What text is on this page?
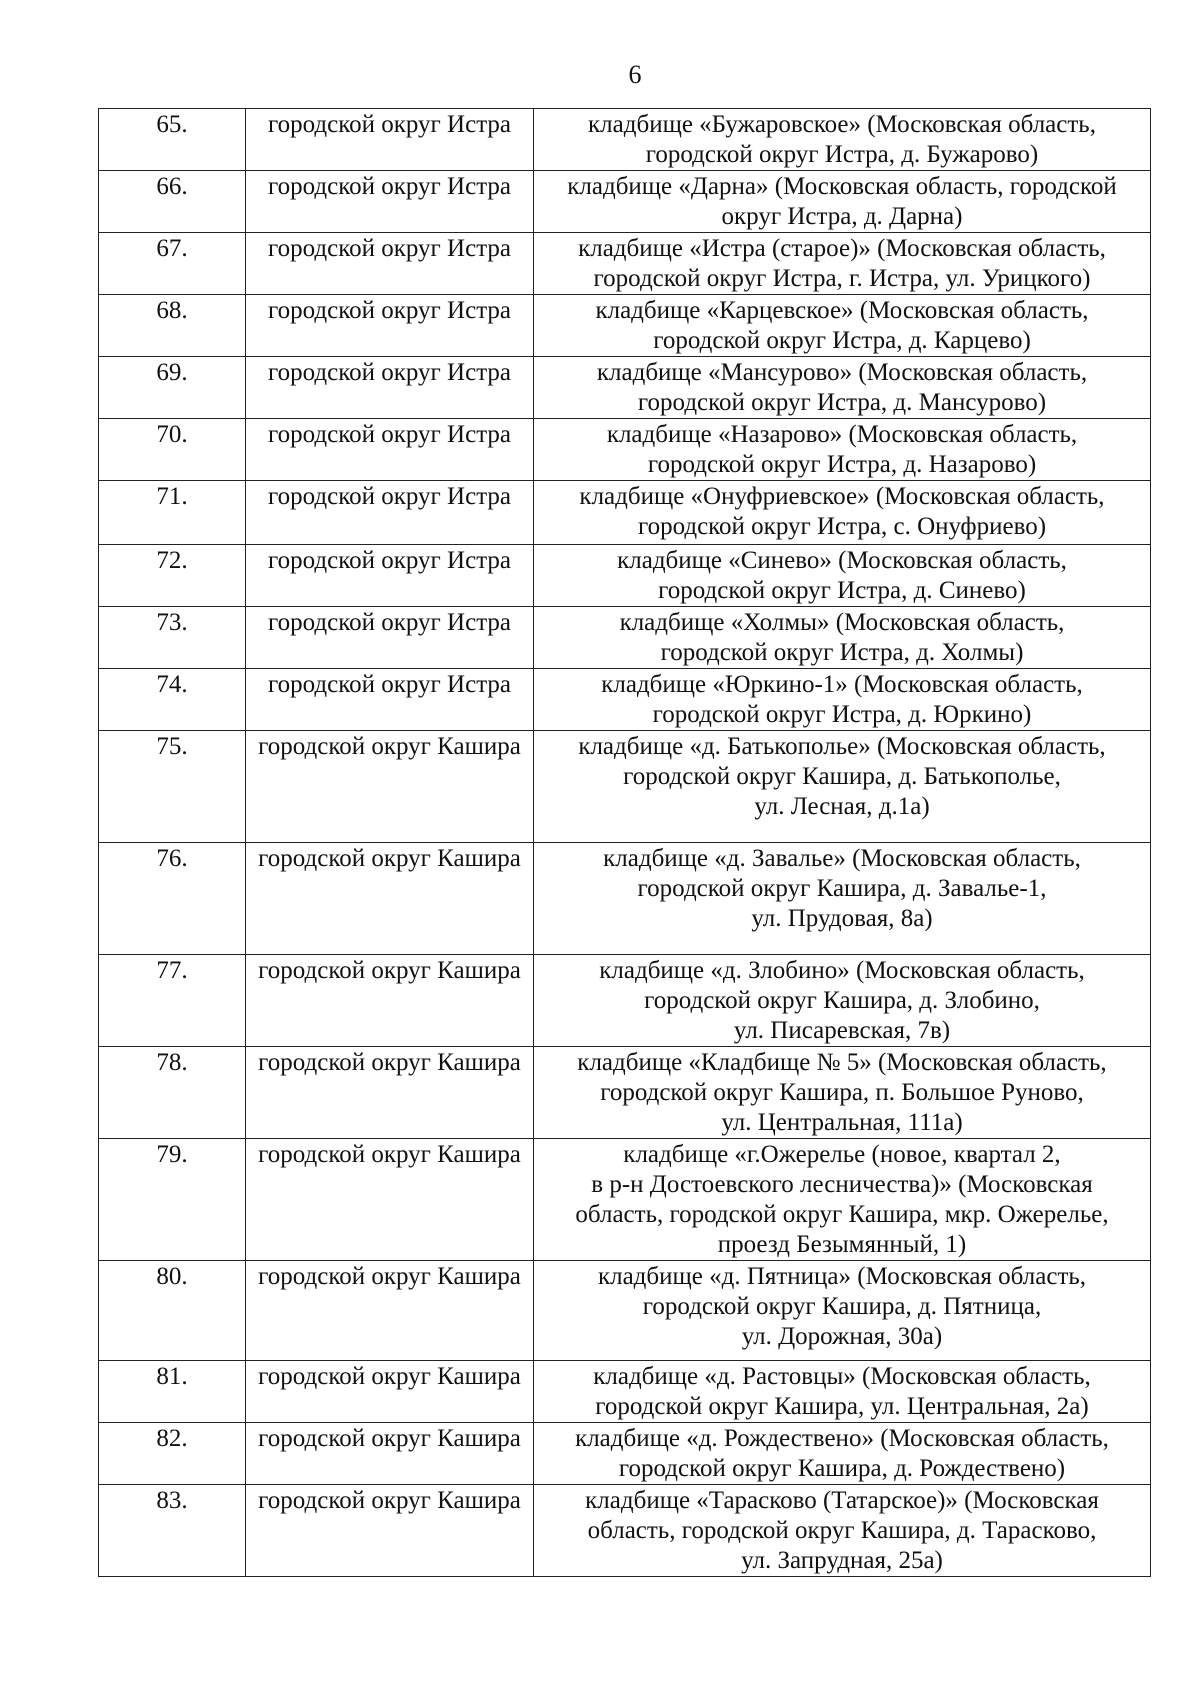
6
65.	городской округ Истра	кладбище «Бужаровское» (Московская область,
городской округ Истра, д. Бужарово)

66.	городской округ Истра	кладбище «Дарна» (Московская область, городской
округ Истра, д. Дарна)

67.	городской округ Истра	кладбище «Истра (старое)» (Московская область,
городской округ Истра, г. Истра, ул. Урицкого)

68.	городской округ Истра	кладбище «Карцевское» (Московская область,
городской округ Истра, д. Карцево)

69.	городской округ Истра	кладбище «Мансурово» (Московская область,
городской округ Истра, д. Мансурово)

70.	городской округ Истра	кладбище «Назарово» (Московская область,
городской округ Истра, д. Назарово)

71.	городской округ Истра	кладбище «Онуфриевское» (Московская область,
городской округ Истра, с. Онуфриево)

72.	городской округ Истра	кладбище «Синево» (Московская область,
городской округ Истра, д. Синево)

73.	городской округ Истра	кладбище «Холмы» (Московская область,
городской округ Истра, д. Холмы)

74.	городской округ Истра	кладбище «Юркино-1» (Московская область,
городской округ Истра, д. Юркино)

75.	городской округ Кашира	кладбище «д. Батькополье» (Московская область,
городской округ Кашира, д. Батькополье,
ул. Лесная, д.1а)

76.	городской округ Кашира	кладбище «д. Завалье» (Московская область,
городской округ Кашира, д. Завалье-1,
ул. Прудовая, 8а)

77.	городской округ Кашира	кладбище «д. Злобино» (Московская область,
городской округ Кашира, д. Злобино,
ул. Писаревская, 7в)

78.	городской округ Кашира	кладбище «Кладбище № 5» (Московская область,
городской округ Кашира, п. Большое Руново,
ул. Центральная, 111а)

79.	городской округ Кашира	кладбище «г.Ожерелье (новое, квартал 2,
в р-н Достоевского лесничества)» (Московская
область, городской округ Кашира, мкр. Ожерелье,
проезд Безымянный, 1)

80.	городской округ Кашира	кладбище «д. Пятница» (Московская область,
городской округ Кашира, д. Пятница,
ул. Дорожная, 30а)

81.	городской округ Кашира	кладбище «д. Растовцы» (Московская область,
городской округ Кашира, ул. Центральная, 2а)

82.	городской округ Кашира	кладбище «д. Рождествено» (Московская область,
городской округ Кашира, д. Рождествено)

83.	городской округ Кашира	кладбище «Тарасково (Татарское)» (Московская
область, городской округ Кашира, д. Тарасково,
ул. Запрудная, 25а)
